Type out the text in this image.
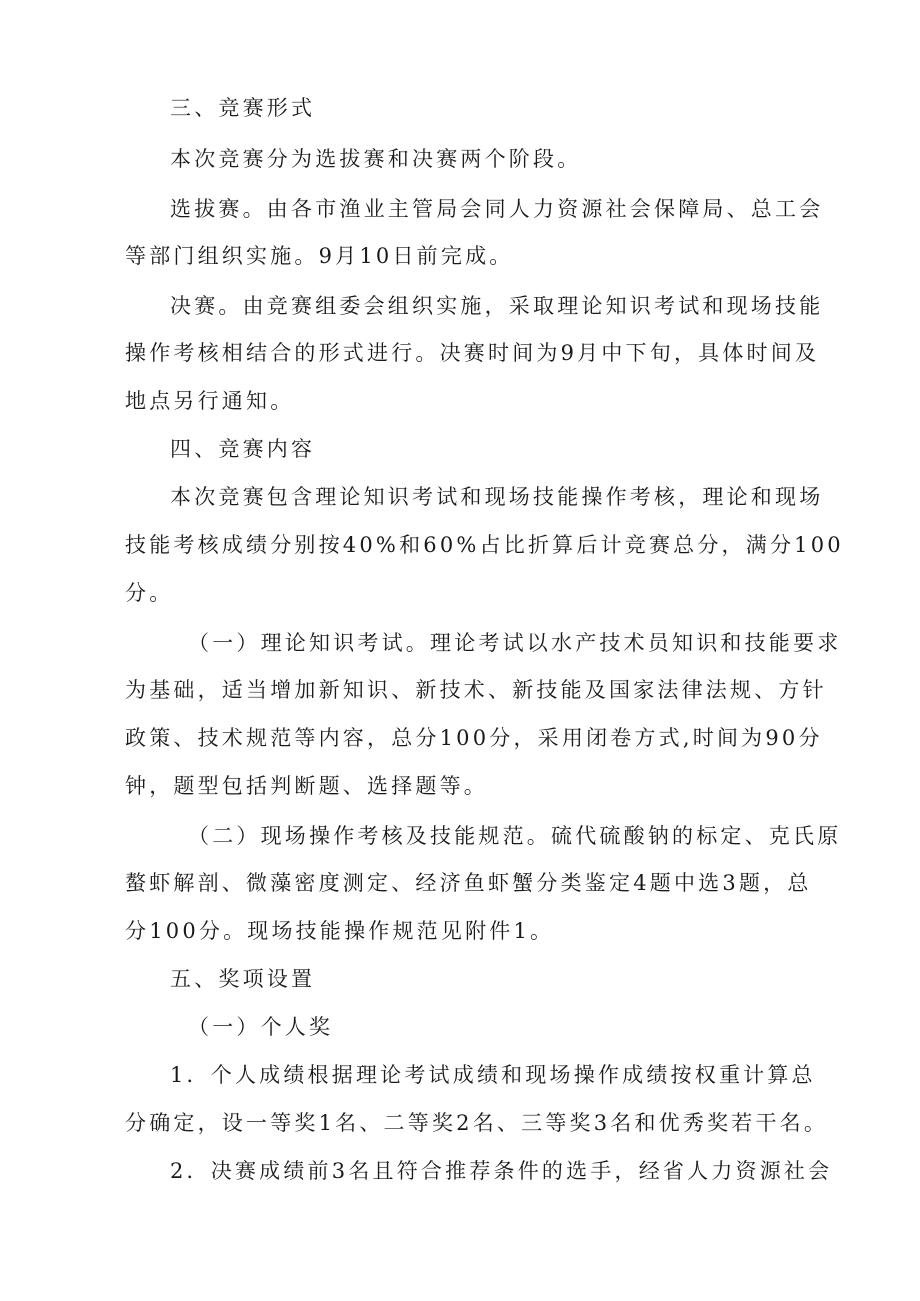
三、竞赛形式
本次竞赛分为选拔赛和决赛两个阶段。
选拔赛。由各市渔业主管局会同人力资源社会保障局、总工会
等部门组织实施。9月10日前完成。
决赛。由竞赛组委会组织实施，采取理论知识考试和现场技能
操作考核相结合的形式进行。决赛时间为9月中下旬，具体时间及
地点另行通知。
四、竞赛内容
本次竞赛包含理论知识考试和现场技能操作考核，理论和现场
技能考核成绩分别按40%和60%占比折算后计竞赛总分，满分100
分。
（一）理论知识考试。理论考试以水产技术员知识和技能要求
为基础，适当增加新知识、新技术、新技能及国家法律法规、方针
政策、技术规范等内容，总分100分，采用闭卷方式,时间为90分
钟，题型包括判断题、选择题等。
（二）现场操作考核及技能规范。硫代硫酸钠的标定、克氏原
螯虾解剖、微藻密度测定、经济鱼虾蟹分类鉴定4题中选3题，总
分100分。现场技能操作规范见附件1。
五、奖项设置
（一）个人奖
1．个人成绩根据理论考试成绩和现场操作成绩按权重计算总
分确定，设一等奖1名、二等奖2名、三等奖3名和优秀奖若干名。
2．决赛成绩前3名且符合推荐条件的选手，经省人力资源社会
